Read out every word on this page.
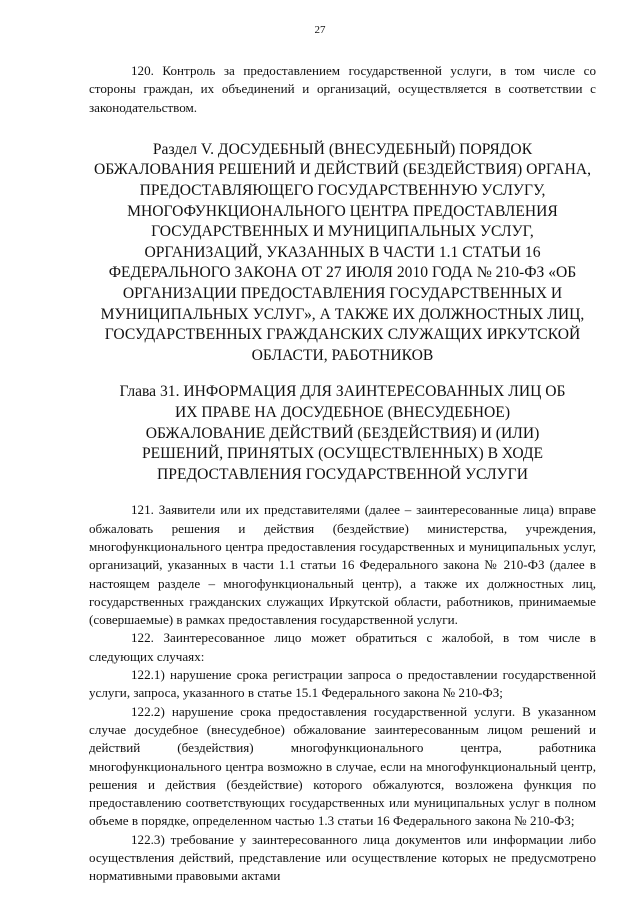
27

120. Контроль за предоставлением государственной услуги, в том числе со стороны граждан, их объединений и организаций, осуществляется в соответствии с законодательством.

Раздел V. ДОСУДЕБНЫЙ (ВНЕСУДЕБНЫЙ) ПОРЯДОК ОБЖАЛОВАНИЯ РЕШЕНИЙ И ДЕЙСТВИЙ (БЕЗДЕЙСТВИЯ) ОРГАНА, ПРЕДОСТАВЛЯЮЩЕГО ГОСУДАРСТВЕННУЮ УСЛУГУ, МНОГОФУНКЦИОНАЛЬНОГО ЦЕНТРА ПРЕДОСТАВЛЕНИЯ ГОСУДАРСТВЕННЫХ И МУНИЦИПАЛЬНЫХ УСЛУГ, ОРГАНИЗАЦИЙ, УКАЗАННЫХ В ЧАСТИ 1.1 СТАТЬИ 16 ФЕДЕРАЛЬНОГО ЗАКОНА ОТ 27 ИЮЛЯ 2010 ГОДА № 210-ФЗ «ОБ ОРГАНИЗАЦИИ ПРЕДОСТАВЛЕНИЯ ГОСУДАРСТВЕННЫХ И МУНИЦИПАЛЬНЫХ УСЛУГ», А ТАКЖЕ ИХ ДОЛЖНОСТНЫХ ЛИЦ, ГОСУДАРСТВЕННЫХ ГРАЖДАНСКИХ СЛУЖАЩИХ ИРКУТСКОЙ ОБЛАСТИ, РАБОТНИКОВ
Глава 31. ИНФОРМАЦИЯ ДЛЯ ЗАИНТЕРЕСОВАННЫХ ЛИЦ ОБ ИХ ПРАВЕ НА ДОСУДЕБНОЕ (ВНЕСУДЕБНОЕ) ОБЖАЛОВАНИЕ ДЕЙСТВИЙ (БЕЗДЕЙСТВИЯ) И (ИЛИ) РЕШЕНИЙ, ПРИНЯТЫХ (ОСУЩЕСТВЛЕННЫХ) В ХОДЕ ПРЕДОСТАВЛЕНИЯ ГОСУДАРСТВЕННОЙ УСЛУГИ

121. Заявители или их представителями (далее – заинтересованные лица) вправе обжаловать решения и действия (бездействие) министерства, учреждения, многофункционального центра предоставления государственных и муниципальных услуг, организаций, указанных в части 1.1 статьи 16 Федерального закона № 210-ФЗ (далее в настоящем разделе – многофункциональный центр), а также их должностных лиц, государственных гражданских служащих Иркутской области, работников, принимаемые (совершаемые) в рамках предоставления государственной услуги.

122. Заинтересованное лицо может обратиться с жалобой, в том числе в следующих случаях:

122.1) нарушение срока регистрации запроса о предоставлении государственной услуги, запроса, указанного в статье 15.1 Федерального закона № 210-ФЗ;

122.2) нарушение срока предоставления государственной услуги. В указанном случае досудебное (внесудебное) обжалование заинтересованным лицом решений и действий (бездействия) многофункционального центра, работника многофункционального центра возможно в случае, если на многофункциональный центр, решения и действия (бездействие) которого обжалуются, возложена функция по предоставлению соответствующих государственных или муниципальных услуг в полном объеме в порядке, определенном частью 1.3 статьи 16 Федерального закона № 210-ФЗ;

122.3) требование у заинтересованного лица документов или информации либо осуществления действий, представление или осуществление которых не предусмотрено нормативными правовыми актами
